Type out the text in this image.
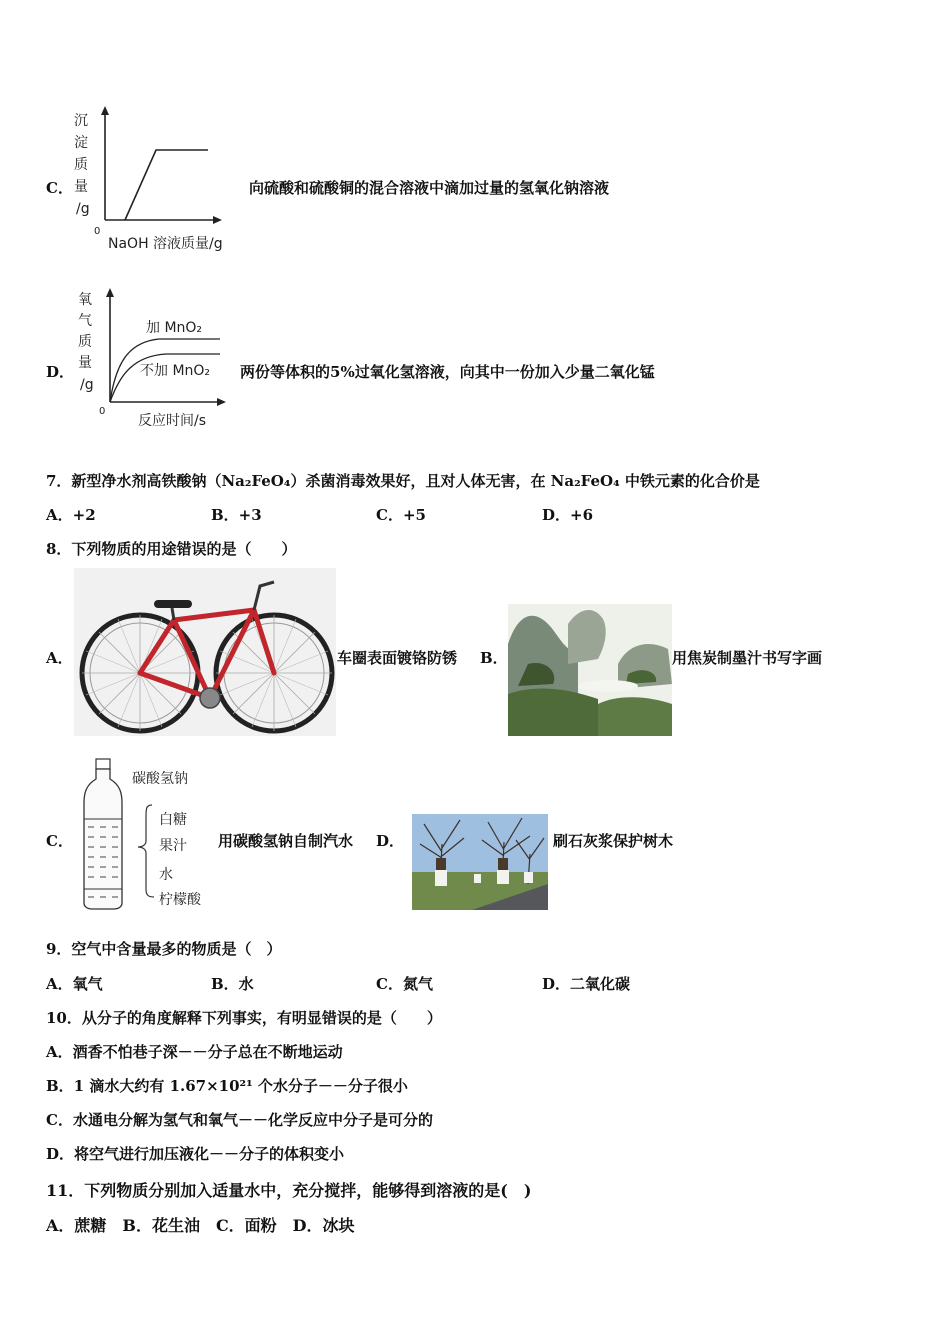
C．
沉
淀
质
量
/g
0
NaOH 溶液质量/g
向硫酸和硫酸铜的混合溶液中滴加过量的氢氧化钠溶液
D．
氧
气
质
量
/g
加 MnO₂
不加 MnO₂
0
反应时间/s
两份等体积的5%过氧化氢溶液，向其中一份加入少量二氧化锰
7．新型净水剂高铁酸钠（Na₂FeO₄）杀菌消毒效果好，且对人体无害，在 Na₂FeO₄ 中铁元素的化合价是
A．+2	B．+3	C．+5	D．+6
8．下列物质的用途错误的是（　　）
A．	车圈表面镀铬防锈 B．	用焦炭制墨汁书写字画
C．
碳酸氢钠
白糖
果汁
水
柠檬酸
用碳酸氢钠自制汽水 D．	刷石灰浆保护树木
9．空气中含量最多的物质是（　）
A．氧气	B．水	C．氮气	D．二氧化碳
10．从分子的角度解释下列事实，有明显错误的是（　　）
A．酒香不怕巷子深－－分子总在不断地运动
B．1 滴水大约有 1.67×10²¹ 个水分子－－分子很小
C．水通电分解为氢气和氧气－－化学反应中分子是可分的
D．将空气进行加压液化－－分子的体积变小
11．下列物质分别加入适量水中，充分搅拌，能够得到溶液的是(　)
A．蔗糖　B．花生油　C．面粉　D．冰块
